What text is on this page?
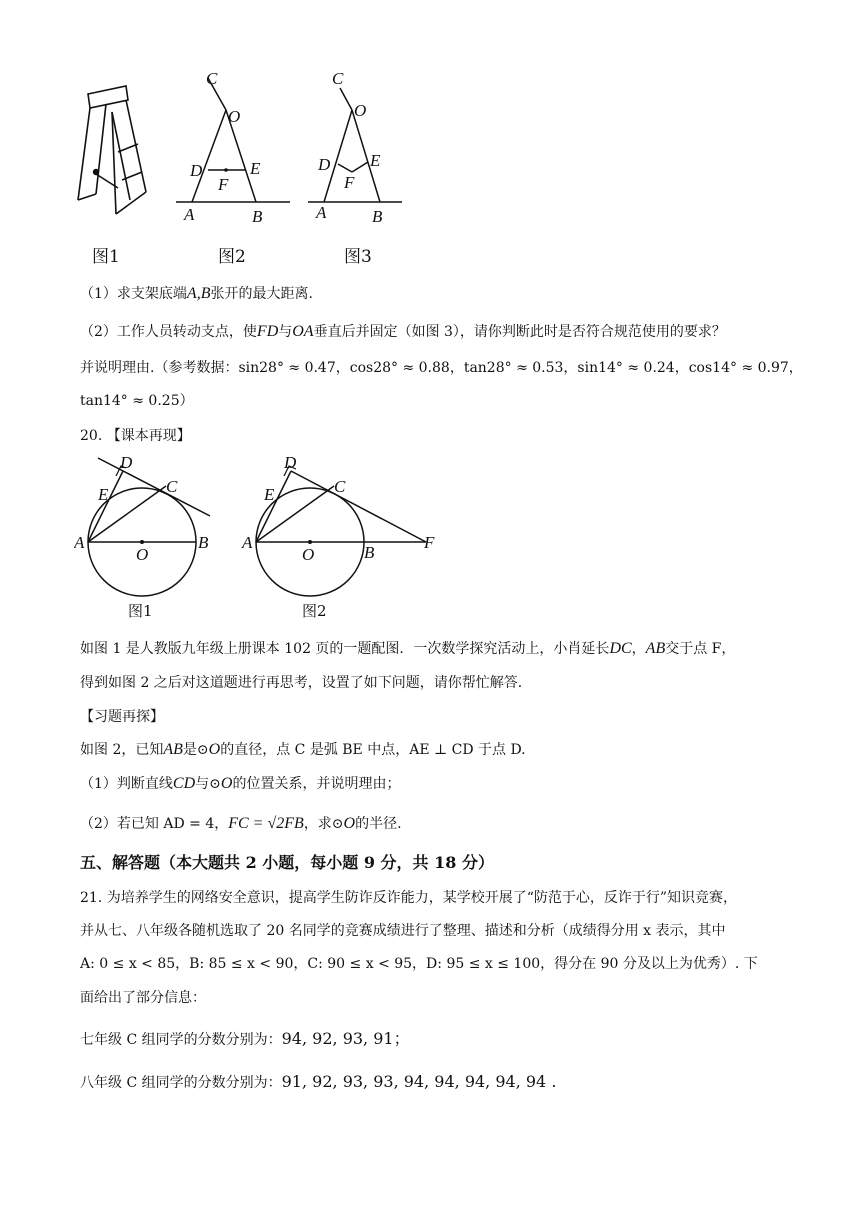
C
O
D	E
F
A	B
C
O
D E
F
A	B
图1	图2	图3
（1）求支架底端A,B张开的最大距离.
（2）工作人员转动支点，使FD与OA垂直后并固定（如图 3），请你判断此时是否符合规范使用的要求？
并说明理由.（参考数据：sin28° ≈ 0.47，cos28° ≈ 0.88，tan28° ≈ 0.53，sin14° ≈ 0.24，cos14° ≈ 0.97，
tan14° ≈ 0.25）
20. 【课本再现】
D
E	C
A
O
B
图1
D
E	C
A
O	B
F
图2
如图 1 是人教版九年级上册课本 102 页的一题配图．一次数学探究活动上，小肖延长DC，AB交于点 F，
得到如图 2 之后对这道题进行再思考，设置了如下问题，请你帮忙解答.
【习题再探】
如图 2，已知AB是⊙O的直径，点 C 是弧 BE 中点，AE ⊥ CD 于点 D.
（1）判断直线CD与⊙O的位置关系，并说明理由；
（2）若已知 AD = 4，FC = √2FB，求⊙O的半径.
五、解答题（本大题共 2 小题，每小题 9 分，共 18 分）
21. 为培养学生的网络安全意识，提高学生防诈反诈能力，某学校开展了“防范于心，反诈于行”知识竞赛，
并从七、八年级各随机选取了 20 名同学的竞赛成绩进行了整理、描述和分析（成绩得分用 x 表示，其中
A: 0 ≤ x < 85，B: 85 ≤ x < 90，C: 90 ≤ x < 95，D: 95 ≤ x ≤ 100，得分在 90 分及以上为优秀）. 下
面给出了部分信息：
七年级 C 组同学的分数分别为：94, 92, 93, 91；
八年级 C 组同学的分数分别为：91, 92, 93, 93, 94, 94, 94, 94, 94 .
